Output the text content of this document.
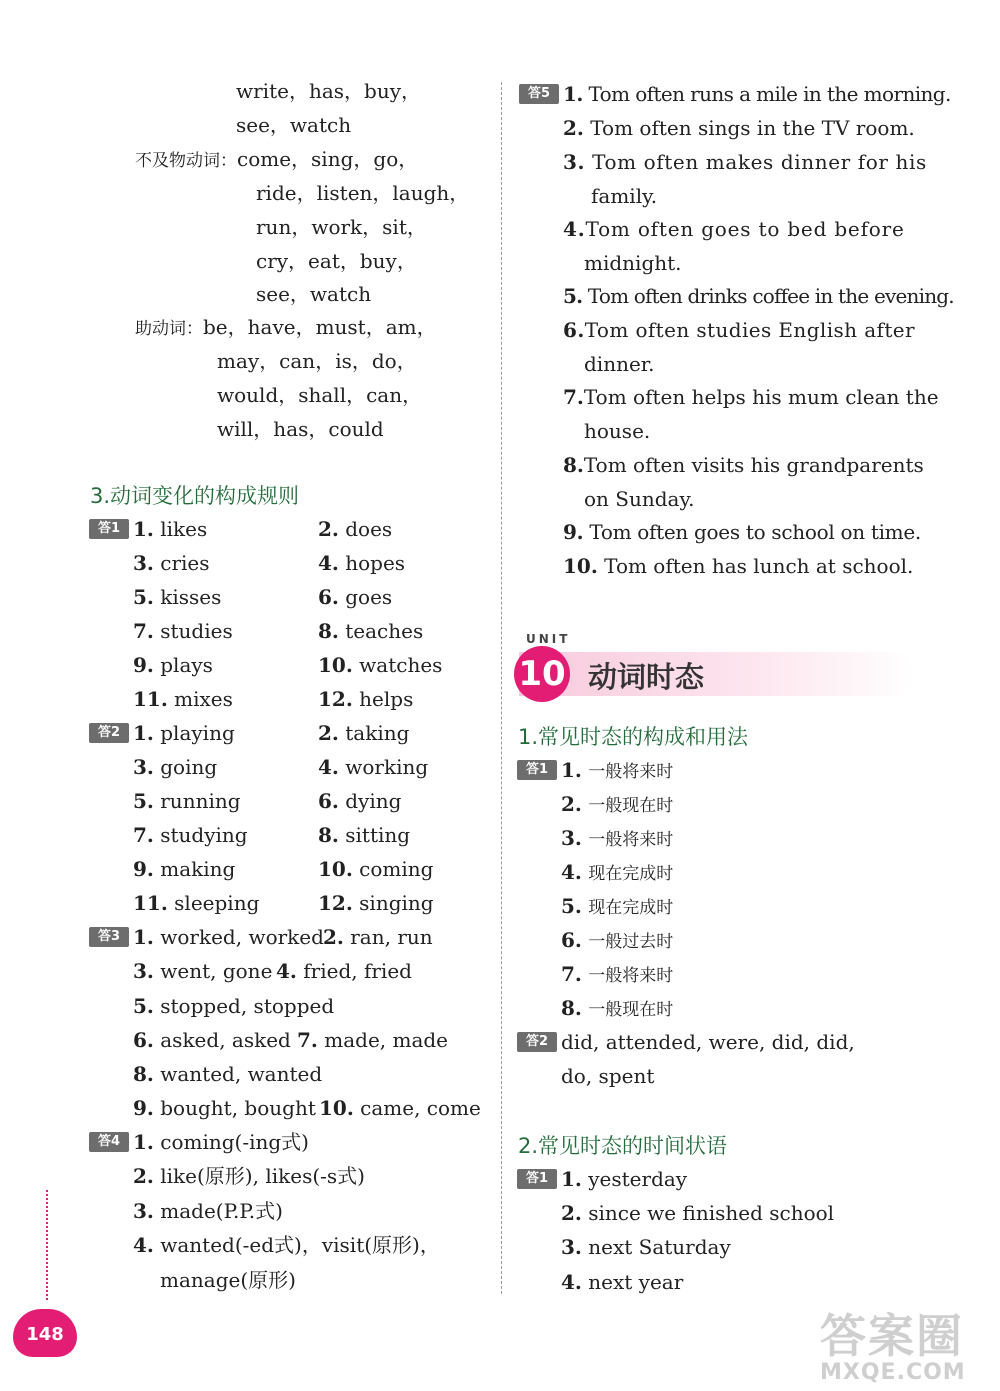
write，has，buy，
see，watch
不及物动词：come，sing，go，
ride，listen，laugh，
run，work，sit，
cry，eat，buy，
see，watch
助动词：be，have，must，am，
may，can，is，do，
would，shall，can，
will，has，could
3.动词变化的构成规则
答1 1. likes	2. does
3. cries	4. hopes
5. kisses	6. goes
7. studies	8. teaches
9. plays	10. watches
11. mixes	12. helps
答2 1. playing	2. taking
3. going	4. working
5. running	6. dying
7. studying	8. sitting
9. making	10. coming
11. sleeping	12. singing
答3 1. worked, worked 2. ran, run
3. went, gone 4. fried, fried
5. stopped, stopped
6. asked, asked 7. made, made
8. wanted, wanted
9. bought, bought 10. came, come
答4 1. coming(-ing式)
2. like(原形), likes(-s式)
3. made(P.P.式)
4. wanted(-ed式)，visit(原形)，
manage(原形)
148
答5 1. Tom often runs a mile in the morning.
2. Tom often sings in the TV room.
3. Tom often makes dinner for his
family.
4.Tom often goes to bed before
midnight.
5. Tom often drinks coffee in the evening.
6.Tom often studies English after
dinner.
7.Tom often helps his mum clean the
house.
8.Tom often visits his grandparents
on Sunday.
9. Tom often goes to school on time.
10. Tom often has lunch at school.
UNIT
10 动词时态
1.常见时态的构成和用法
答1 1. 一般将来时
2. 一般现在时
3. 一般将来时
4. 现在完成时
5. 现在完成时
6. 一般过去时
7. 一般将来时
8. 一般现在时
答2 did, attended, were, did, did,
do, spent
2.常见时态的时间状语
答1 1. yesterday
2. since we finished school
3. next Saturday
4. next year
答案圈
MXQE.COM
